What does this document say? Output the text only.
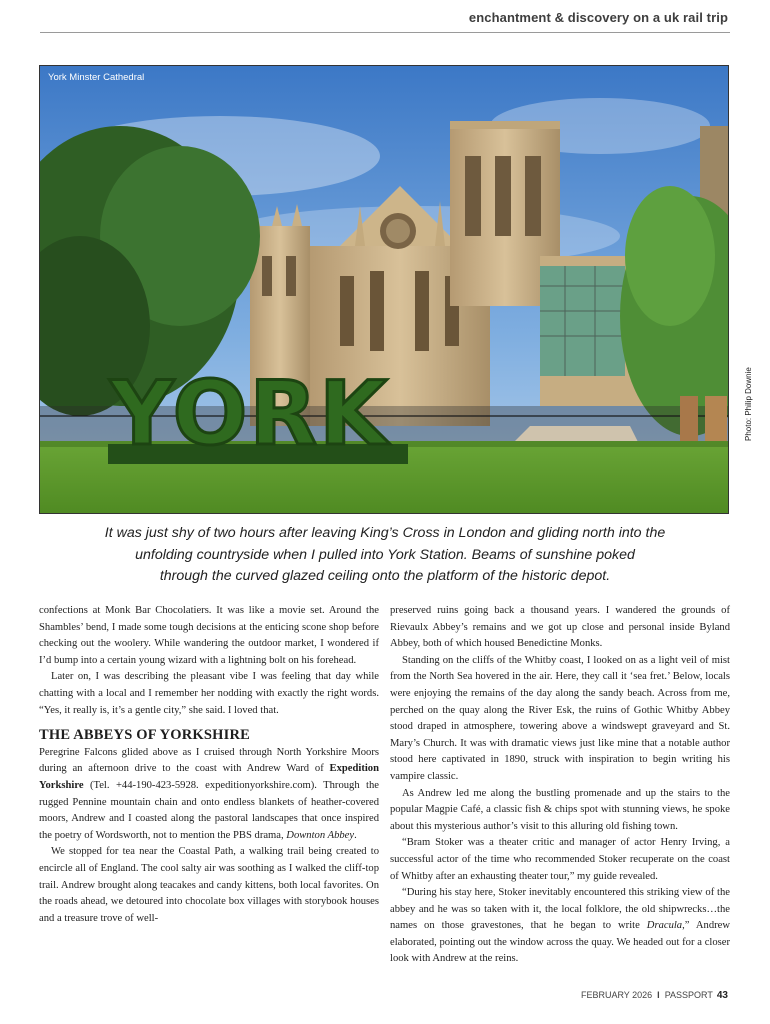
enchantment & discovery on a uk rail trip
YORK
York Minster Cathedral
Photo: Philip Downie
It was just shy of two hours after leaving King’s Cross in London and gliding north into the
unfolding countryside when I pulled into York Station. Beams of sunshine poked
through the curved glazed ceiling onto the platform of the historic depot.

confections at Monk Bar Chocolatiers. It was like a movie set. Around the Shambles’ bend, I made some tough decisions at the enticing scone shop before checking out the woolery. While wandering the outdoor market, I wondered if I’d bump into a certain young wizard with a lightning bolt on his forehead.

Later on, I was describing the pleasant vibe I was feeling that day while chatting with a local and I remember her nodding with exactly the right words. “Yes, it really is, it’s a gentle city,” she said. I loved that.

THE ABBEYS OF YORKSHIRE

Peregrine Falcons glided above as I cruised through North Yorkshire Moors during an afternoon drive to the coast with Andrew Ward of Expedition Yorkshire (Tel. +44-190-423-5928. expeditionyorkshire.com). Through the rugged Pennine mountain chain and onto endless blankets of heather-covered moors, Andrew and I coasted along the pastoral landscapes that once inspired the poetry of Wordsworth, not to mention the PBS drama, Downton Abbey.

We stopped for tea near the Coastal Path, a walking trail being created to encircle all of England. The cool salty air was soothing as I walked the cliff-top trail. Andrew brought along teacakes and candy kittens, both local favorites. On the roads ahead, we detoured into chocolate box villages with storybook houses and a treasure trove of well-

preserved ruins going back a thousand years. I wandered the grounds of Rievaulx Abbey’s remains and we got up close and personal inside Byland Abbey, both of which housed Benedictine Monks.

Standing on the cliffs of the Whitby coast, I looked on as a light veil of mist from the North Sea hovered in the air. Here, they call it ‘sea fret.’ Below, locals were enjoying the remains of the day along the sandy beach. Across from me, perched on the quay along the River Esk, the ruins of Gothic Whitby Abbey stood draped in atmosphere, towering above a windswept graveyard and St. Mary’s Church. It was with dramatic views just like mine that a notable author stood here captivated in 1890, struck with inspiration to begin writing his vampire classic.

As Andrew led me along the bustling promenade and up the stairs to the popular Magpie Café, a classic fish & chips spot with stunning views, he spoke about this mysterious author’s visit to this alluring old fishing town.

“Bram Stoker was a theater critic and manager of actor Henry Irving, a successful actor of the time who recommended Stoker recuperate on the coast of Whitby after an exhausting theater tour,” my guide revealed.

“During his stay here, Stoker inevitably encountered this striking view of the abbey and he was so taken with it, the local folklore, the old shipwrecks…the names on those gravestones, that he began to write Dracula,” Andrew elaborated, pointing out the window across the quay. We headed out for a closer look with Andrew at the reins.

FEBRUARY 2026 I PASSPORT 43
